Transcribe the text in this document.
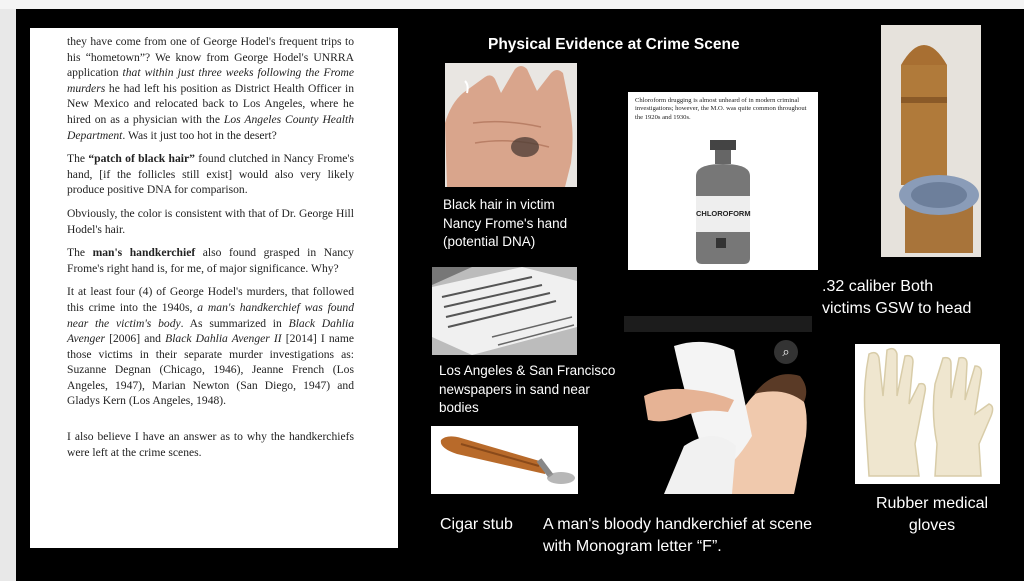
they have come from one of George Hodel's frequent trips to his “hometown”? We know from George Hodel's UNRRA application that within just three weeks following the Frome murders he had left his position as District Health Officer in New Mexico and relocated back to Los Angeles, where he hired on as a physician with the Los Angeles County Health Department. Was it just too hot in the desert?

The “patch of black hair” found clutched in Nancy Frome's hand, [if the follicles still exist] would also very likely produce positive DNA for comparison.

Obviously, the color is consistent with that of Dr. George Hill Hodel's hair.

The man's handkerchief also found grasped in Nancy Frome's right hand is, for me, of major significance. Why?

It at least four (4) of George Hodel's murders, that followed this crime into the 1940s, a man's handkerchief was found near the victim's body. As summarized in Black Dahlia Avenger [2006] and Black Dahlia Avenger II [2014] I name those victims in their separate murder investigations as: Suzanne Degnan (Chicago, 1946), Jeanne French (Los Angeles, 1947), Marian Newton (San Diego, 1947) and Gladys Kern (Los Angeles, 1948).

I also believe I have an answer as to why the handkerchiefs were left at the crime scenes.

Physical Evidence at Crime Scene
Black hair in victim
Nancy Frome's hand
(potential DNA)
Chloroform drugging is almost unheard of in modern criminal investigations; however, the M.O. was quite common throughout the 1920s and 1930s.
CHLOROFORM
.32 caliber Both
victims GSW to head
Los Angeles & San Francisco
newspapers in sand near
bodies
⌕
Cigar stub A man's bloody handkerchief at scene
with Monogram letter “F”.
Rubber medical
gloves
